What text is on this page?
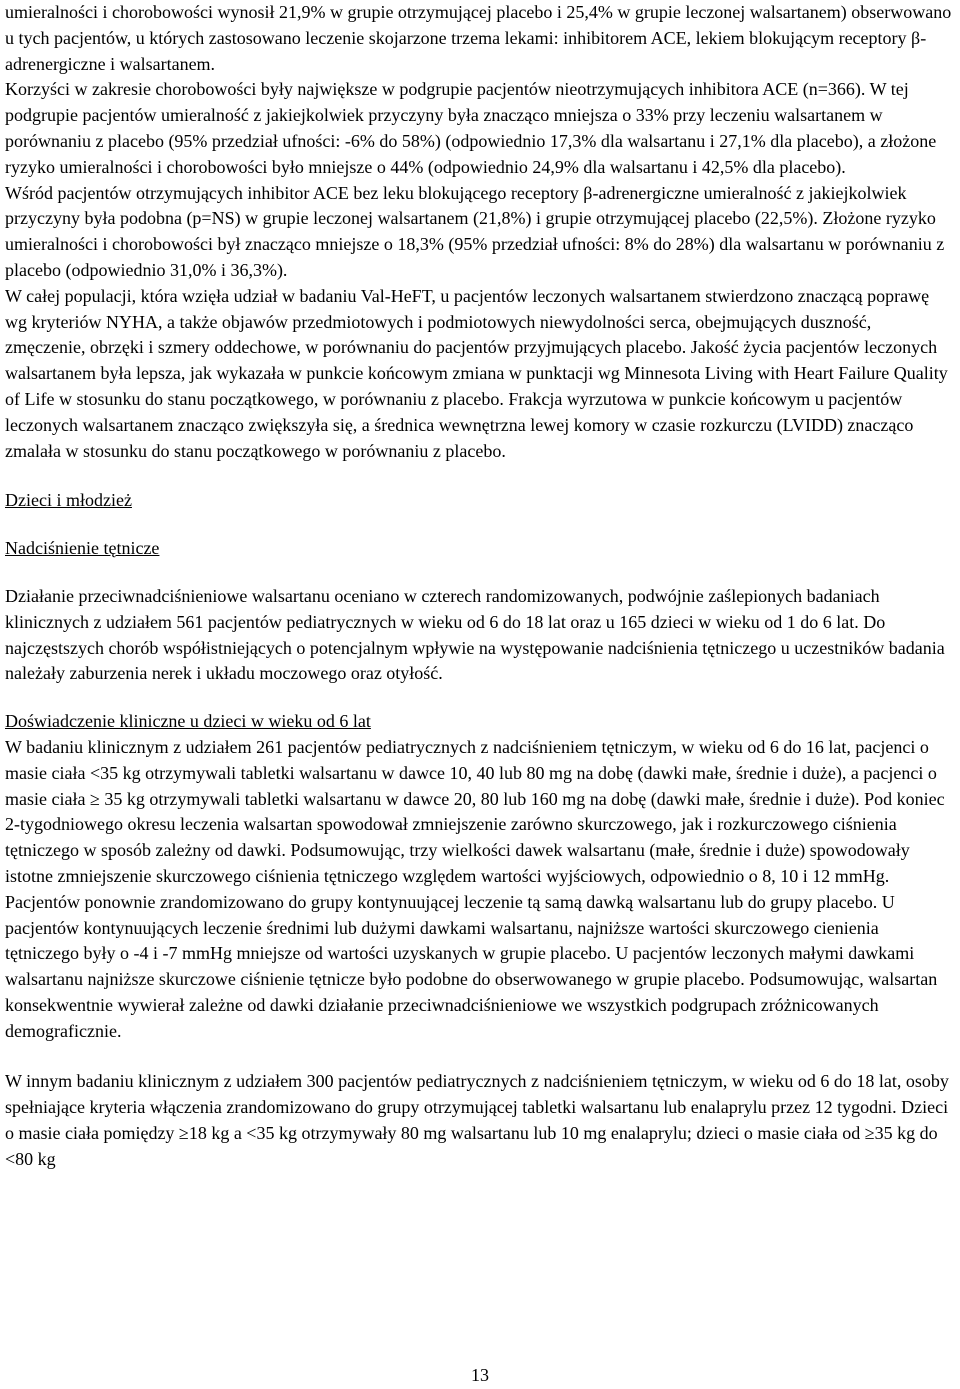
umieralności i chorobowości wynosił 21,9% w grupie otrzymującej placebo i 25,4% w grupie leczonej walsartanem) obserwowano u tych pacjentów, u których zastosowano leczenie skojarzone trzema lekami: inhibitorem ACE, lekiem blokującym receptory β-adrenergiczne i walsartanem.

Korzyści w zakresie chorobowości były największe w podgrupie pacjentów nieotrzymujących inhibitora ACE (n=366). W tej podgrupie pacjentów umieralność z jakiejkolwiek przyczyny była znacząco mniejsza o 33% przy leczeniu walsartanem w porównaniu z placebo (95% przedział ufności: -6% do 58%) (odpowiednio 17,3% dla walsartanu i 27,1% dla placebo), a złożone ryzyko umieralności i chorobowości było mniejsze o 44% (odpowiednio 24,9% dla walsartanu i 42,5% dla placebo).

Wśród pacjentów otrzymujących inhibitor ACE bez leku blokującego receptory β-adrenergiczne umieralność z jakiejkolwiek przyczyny była podobna (p=NS) w grupie leczonej walsartanem (21,8%) i grupie otrzymującej placebo (22,5%). Złożone ryzyko umieralności i chorobowości był znacząco mniejsze o 18,3% (95% przedział ufności: 8% do 28%) dla walsartanu w porównaniu z placebo (odpowiednio 31,0% i 36,3%).

W całej populacji, która wzięła udział w badaniu Val-HeFT, u pacjentów leczonych walsartanem stwierdzono znaczącą poprawę wg kryteriów NYHA, a także objawów przedmiotowych i podmiotowych niewydolności serca, obejmujących duszność, zmęczenie, obrzęki i szmery oddechowe, w porównaniu do pacjentów przyjmujących placebo. Jakość życia pacjentów leczonych walsartanem była lepsza, jak wykazała w punkcie końcowym zmiana w punktacji wg Minnesota Living with Heart Failure Quality of Life w stosunku do stanu początkowego, w porównaniu z placebo. Frakcja wyrzutowa w punkcie końcowym u pacjentów leczonych walsartanem znacząco zwiększyła się, a średnica wewnętrzna lewej komory w czasie rozkurczu (LVIDD) znacząco zmalała w stosunku do stanu początkowego w porównaniu z placebo.

Dzieci i młodzież

Nadciśnienie tętnicze

Działanie przeciwnadciśnieniowe walsartanu oceniano w czterech randomizowanych, podwójnie zaślepionych badaniach klinicznych z udziałem 561 pacjentów pediatrycznych w wieku od 6 do 18 lat oraz u 165 dzieci w wieku od 1 do 6 lat. Do najczęstszych chorób współistniejących o potencjalnym wpływie na występowanie nadciśnienia tętniczego u uczestników badania należały zaburzenia nerek i układu moczowego oraz otyłość.

Doświadczenie kliniczne u dzieci w wieku od 6 lat

W badaniu klinicznym z udziałem 261 pacjentów pediatrycznych z nadciśnieniem tętniczym, w wieku od 6 do 16 lat, pacjenci o masie ciała <35 kg otrzymywali tabletki walsartanu w dawce 10, 40 lub 80 mg na dobę (dawki małe, średnie i duże), a pacjenci o masie ciała ≥ 35 kg otrzymywali tabletki walsartanu w dawce 20, 80 lub 160 mg na dobę (dawki małe, średnie i duże). Pod koniec 2-tygodniowego okresu leczenia walsartan spowodował zmniejszenie zarówno skurczowego, jak i rozkurczowego ciśnienia tętniczego w sposób zależny od dawki. Podsumowując, trzy wielkości dawek walsartanu (małe, średnie i duże) spowodowały istotne zmniejszenie skurczowego ciśnienia tętniczego względem wartości wyjściowych, odpowiednio o 8, 10 i 12 mmHg. Pacjentów ponownie zrandomizowano do grupy kontynuującej leczenie tą samą dawką walsartanu lub do grupy placebo. U pacjentów kontynuujących leczenie średnimi lub dużymi dawkami walsartanu, najniższe wartości skurczowego cienienia tętniczego były o -4 i -7 mmHg mniejsze od wartości uzyskanych w grupie placebo. U pacjentów leczonych małymi dawkami walsartanu najniższe skurczowe ciśnienie tętnicze było podobne do obserwowanego w grupie placebo. Podsumowując, walsartan konsekwentnie wywierał zależne od dawki działanie przeciwnadciśnieniowe we wszystkich podgrupach zróżnicowanych demograficznie.

W innym badaniu klinicznym z udziałem 300 pacjentów pediatrycznych z nadciśnieniem tętniczym, w wieku od 6 do 18 lat, osoby spełniające kryteria włączenia zrandomizowano do grupy otrzymującej tabletki walsartanu lub enalaprylu przez 12 tygodni. Dzieci o masie ciała pomiędzy ≥18 kg a <35 kg otrzymywały 80 mg walsartanu lub 10 mg enalaprylu; dzieci o masie ciała od ≥35 kg do <80 kg

13
